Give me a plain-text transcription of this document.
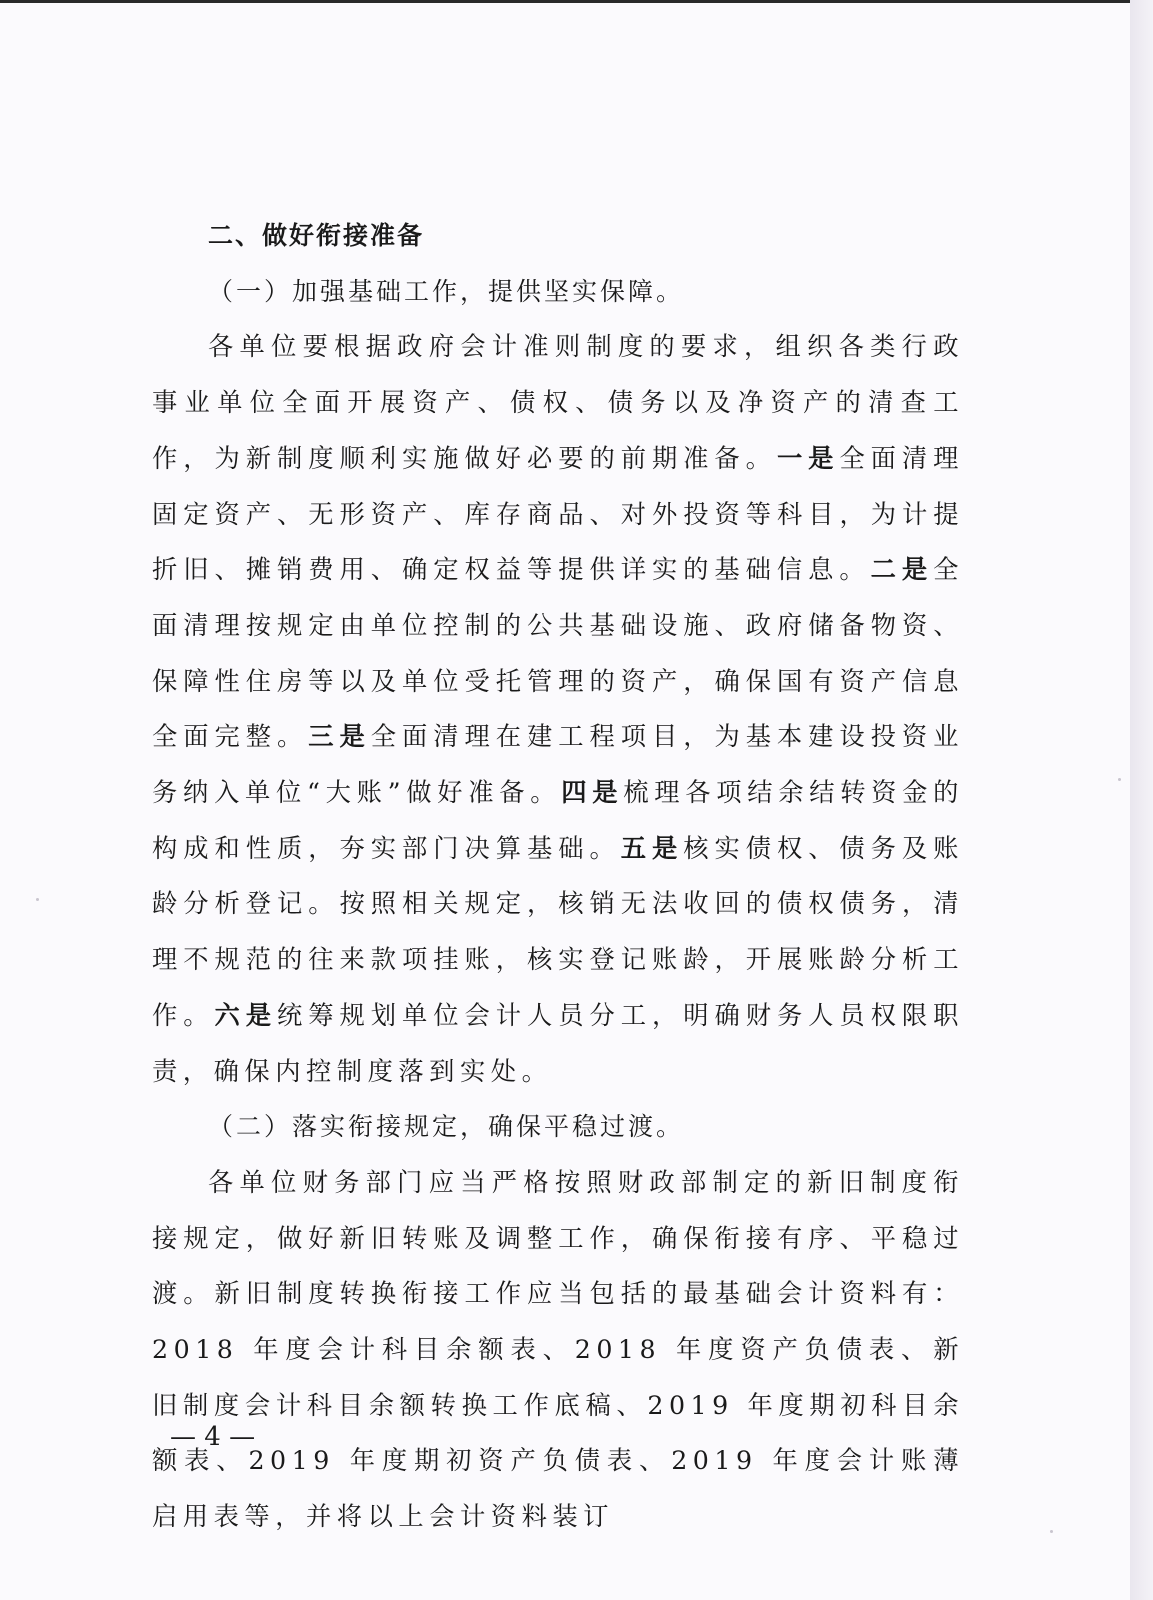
二、做好衔接准备

（一）加强基础工作，提供坚实保障。

各单位要根据政府会计准则制度的要求，组织各类行政事业单位全面开展资产、债权、债务以及净资产的清查工作，为新制度顺利实施做好必要的前期准备。一是全面清理固定资产、无形资产、库存商品、对外投资等科目，为计提折旧、摊销费用、确定权益等提供详实的基础信息。二是全面清理按规定由单位控制的公共基础设施、政府储备物资、保障性住房等以及单位受托管理的资产，确保国有资产信息全面完整。三是全面清理在建工程项目，为基本建设投资业务纳入单位“大账”做好准备。四是梳理各项结余结转资金的构成和性质，夯实部门决算基础。五是核实债权、债务及账龄分析登记。按照相关规定，核销无法收回的债权债务，清理不规范的往来款项挂账，核实登记账龄，开展账龄分析工作。六是统筹规划单位会计人员分工，明确财务人员权限职责，确保内控制度落到实处。

（二）落实衔接规定，确保平稳过渡。

各单位财务部门应当严格按照财政部制定的新旧制度衔接规定，做好新旧转账及调整工作，确保衔接有序、平稳过渡。新旧制度转换衔接工作应当包括的最基础会计资料有：2018 年度会计科目余额表、2018 年度资产负债表、新旧制度会计科目余额转换工作底稿、2019 年度期初科目余额表、2019 年度期初资产负债表、2019 年度会计账薄启用表等，并将以上会计资料装订

— 4 —
